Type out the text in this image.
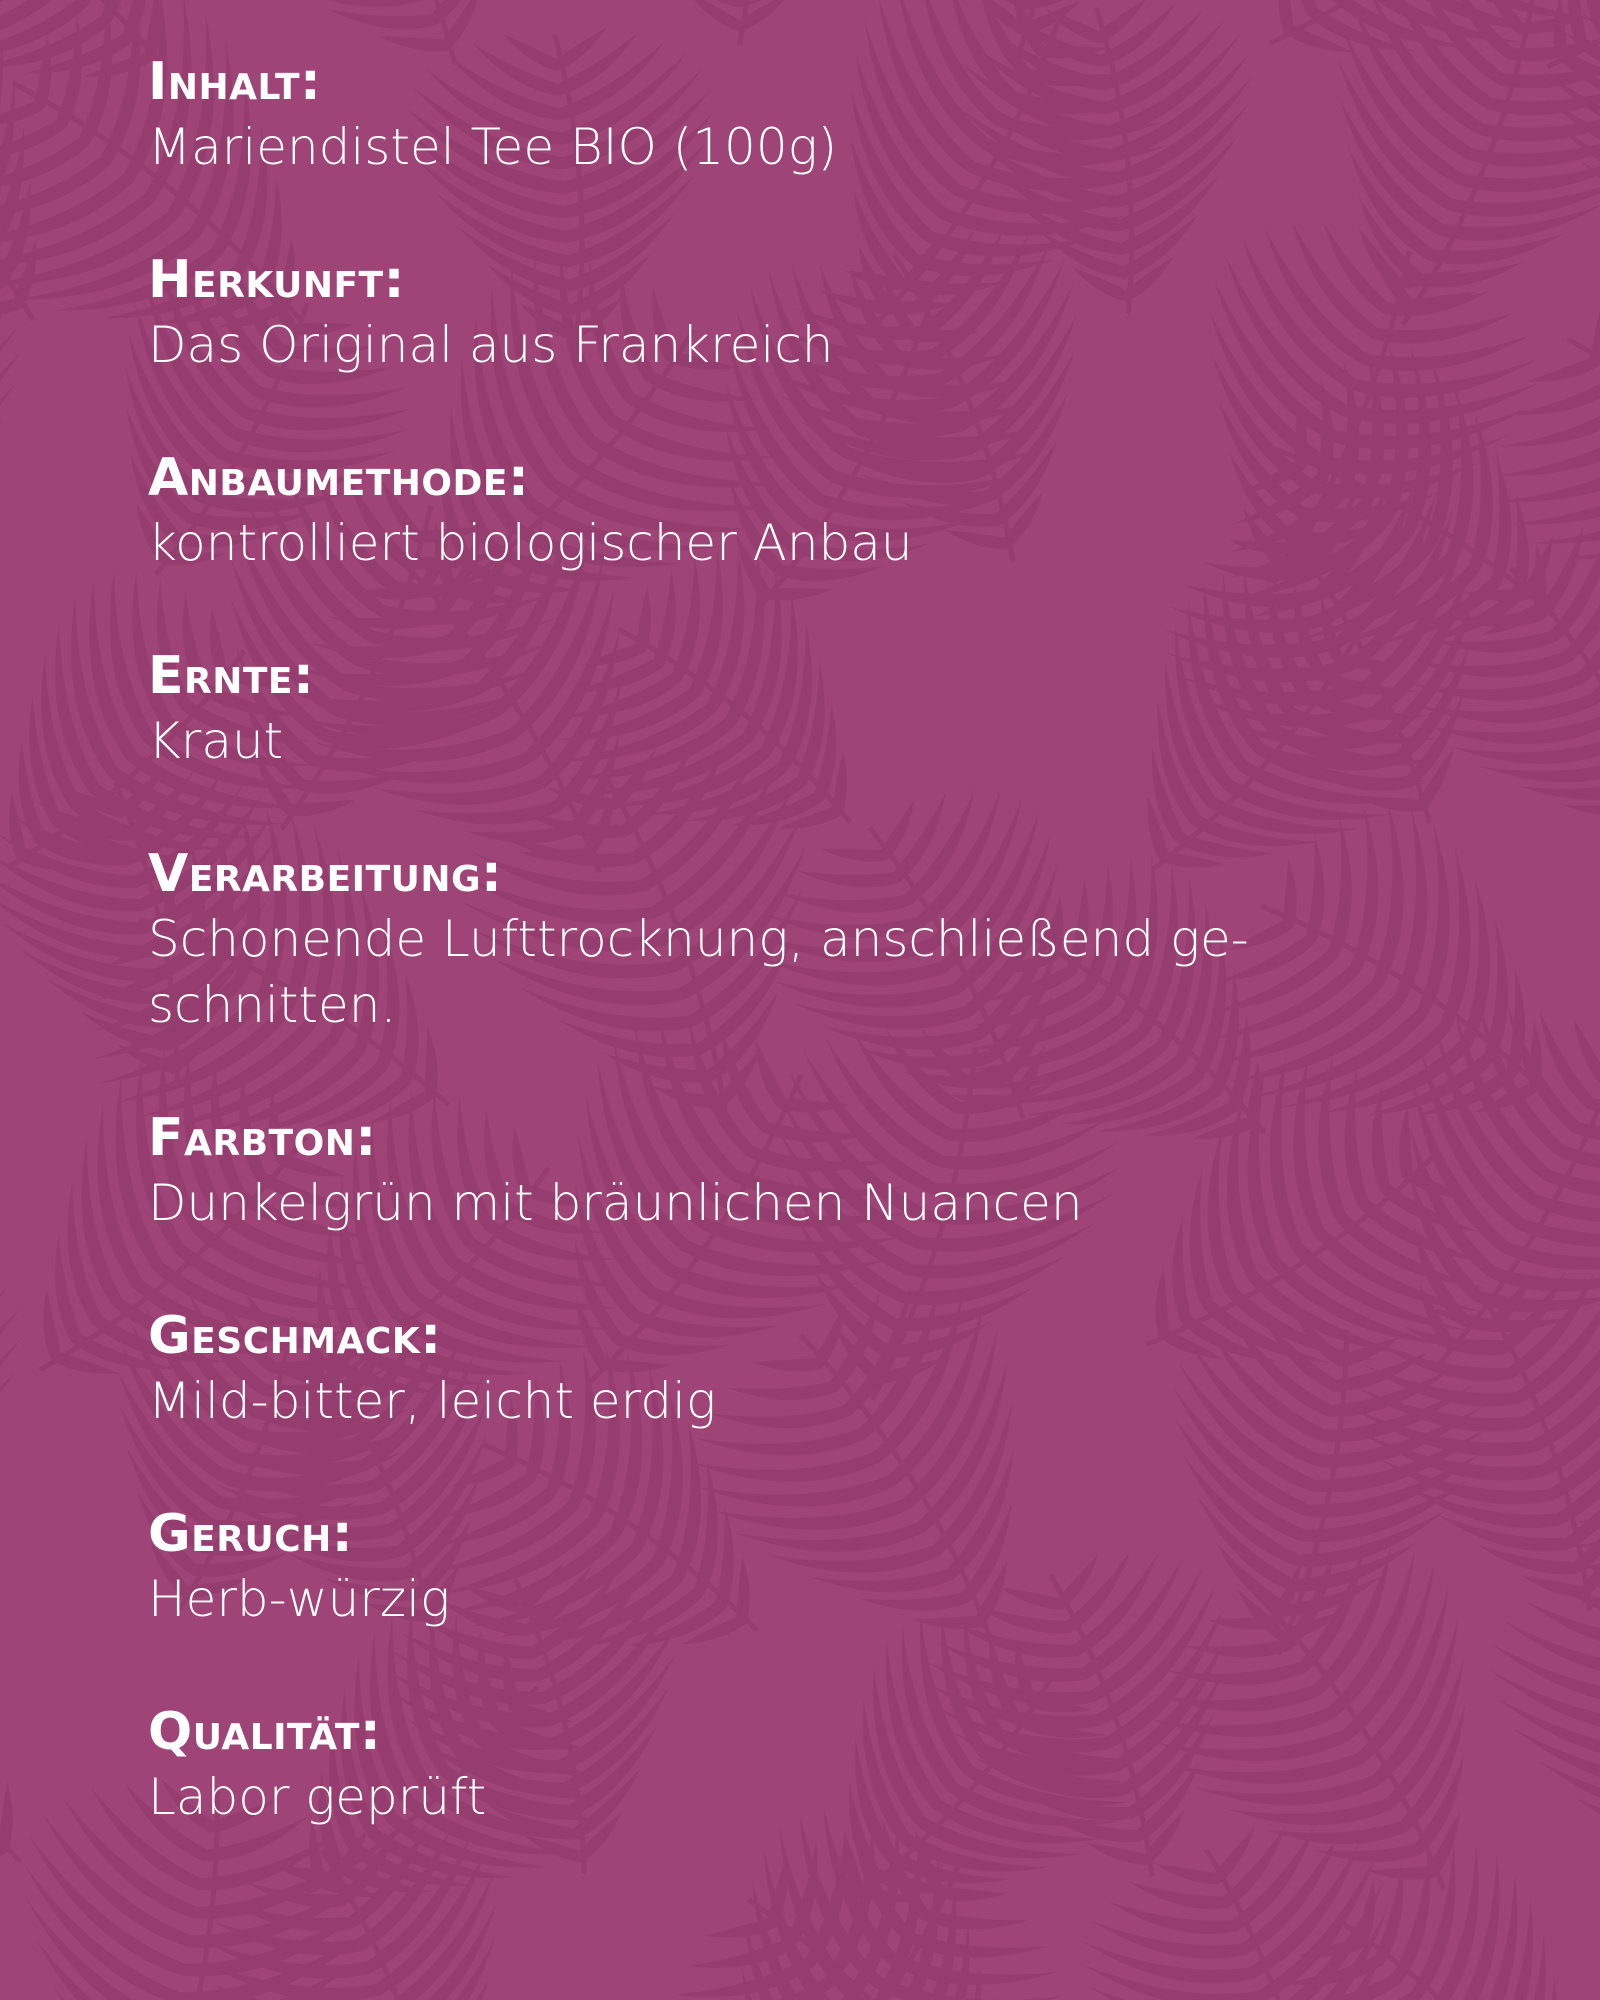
Inhalt:
Mariendistel Tee BIO (100g)
Herkunft:
Das Original aus Frankreich
Anbaumethode:
kontrolliert biologischer Anbau
Ernte:
Kraut
Verarbeitung:
Schonende Lufttrocknung, anschließend ge-
schnitten.
Farbton:
Dunkelgrün mit bräunlichen Nuancen
Geschmack:
Mild-bitter, leicht erdig
Geruch:
Herb-würzig
Qualität:
Labor geprüft
